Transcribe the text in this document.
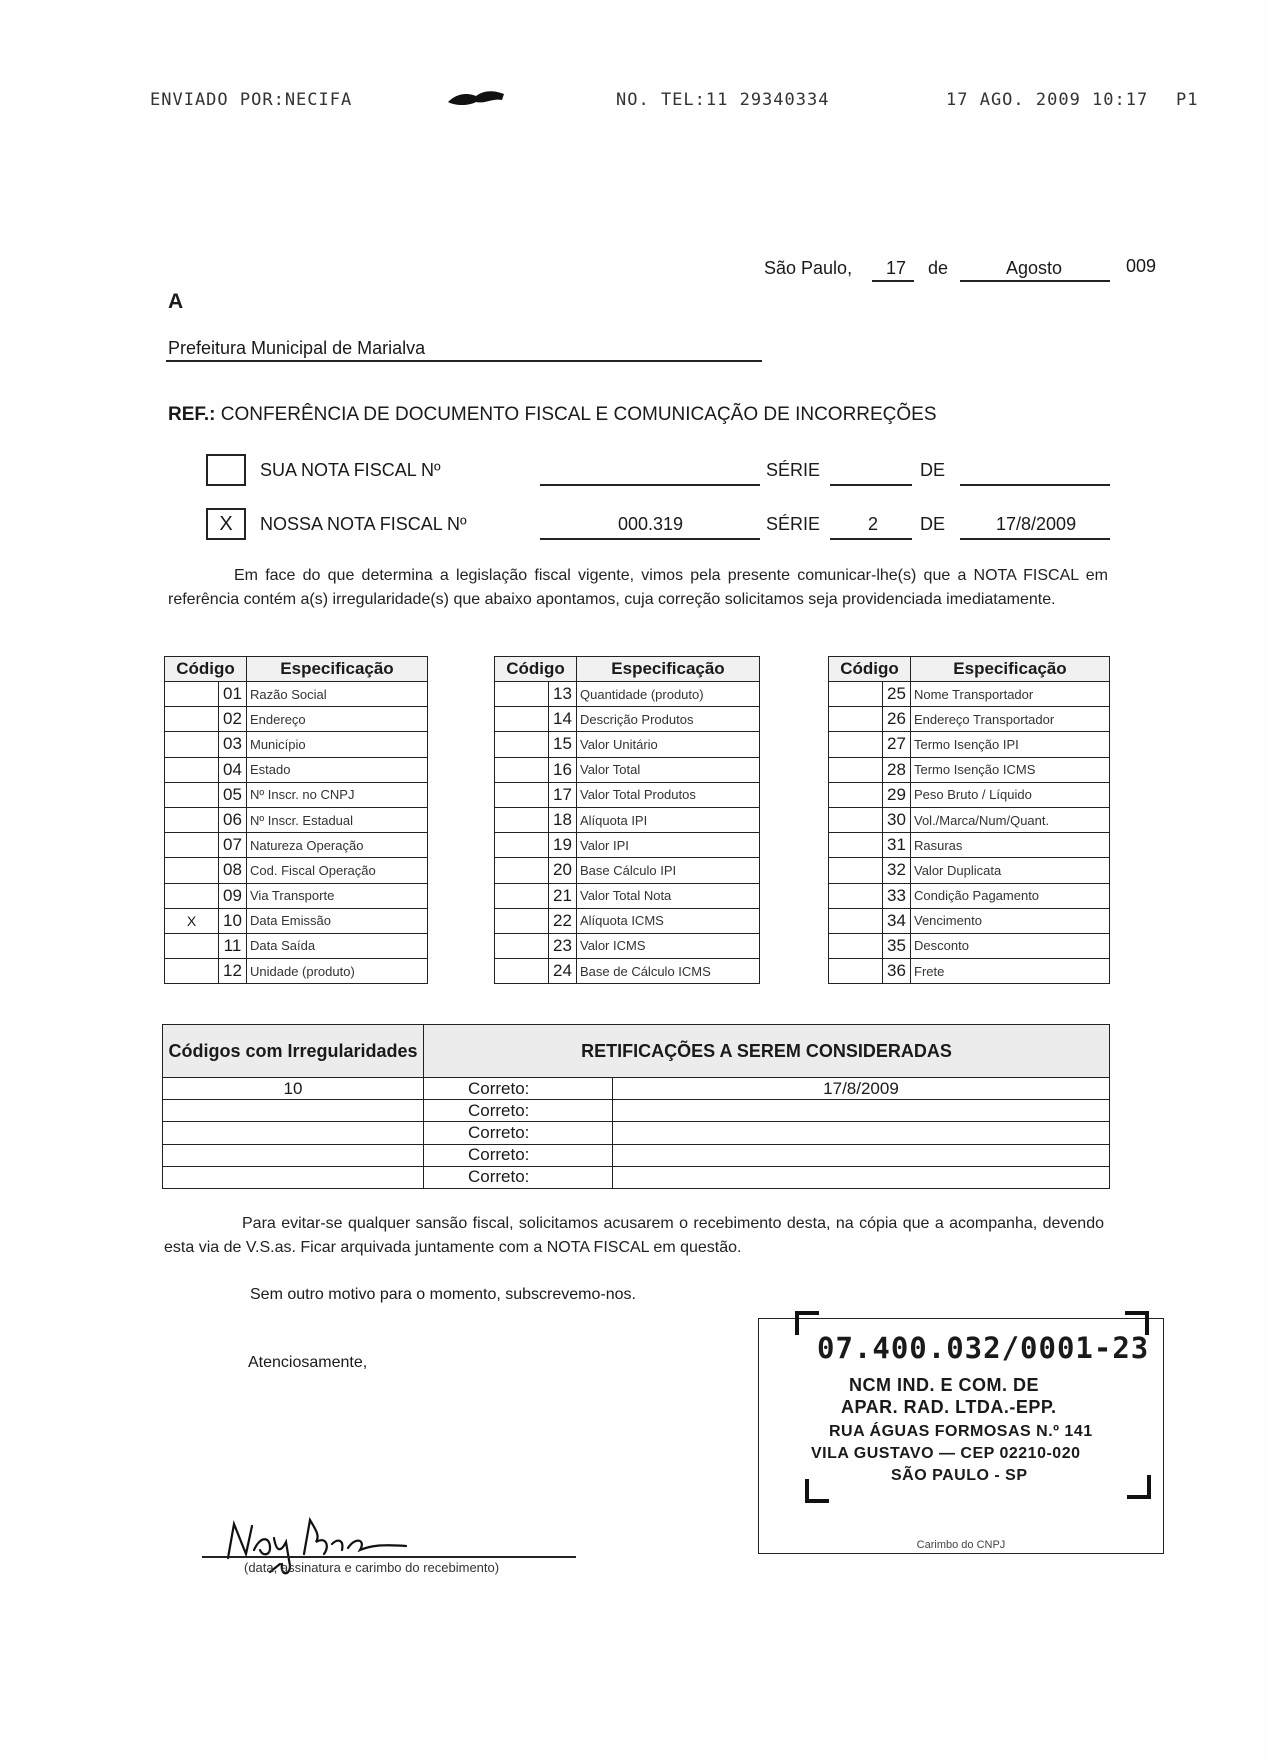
ENVIADO POR:NECIFA	NO. TEL:11 29340334	17 AGO. 2009 10:17 P1
São Paulo, 17 de	Agosto	009
A
Prefeitura Municipal de Marialva
REF.: CONFERÊNCIA DE DOCUMENTO FISCAL E COMUNICAÇÃO DE INCORREÇÕES
SUA NOTA FISCAL Nº	SÉRIE	DE
X	NOSSA NOTA FISCAL Nº	000.319	SÉRIE	2 DE	17/8/2009
Em face do que determina a legislação fiscal vigente, vimos pela presente comunicar-lhe(s) que a NOTA FISCAL em referência contém a(s) irregularidade(s) que abaixo apontamos, cuja correção solicitamos seja providenciada imediatamente.
Código		Especificação
	01	Razão Social
	02	Endereço
	03	Município
	04	Estado
	05	Nº Inscr. no CNPJ
	06	Nº Inscr. Estadual
	07	Natureza Operação
	08	Cod. Fiscal Operação
	09	Via Transporte
X	10	Data Emissão
	11	Data Saída
	12	Unidade (produto)
Código		Especificação
	13	Quantidade (produto)
	14	Descrição Produtos
	15	Valor Unitário
	16	Valor Total
	17	Valor Total Produtos
	18	Alíquota IPI
	19	Valor IPI
	20	Base Cálculo IPI
	21	Valor Total Nota
	22	Alíquota ICMS
	23	Valor ICMS
	24	Base de Cálculo ICMS
Código		Especificação
	25	Nome Transportador
	26	Endereço Transportador
	27	Termo Isenção IPI
	28	Termo Isenção ICMS
	29	Peso Bruto / Líquido
	30	Vol./Marca/Num/Quant.
	31	Rasuras
	32	Valor Duplicata
	33	Condição Pagamento
	34	Vencimento
	35	Desconto
	36	Frete
Códigos com Irregularidades	RETIFICAÇÕES A SEREM CONSIDERADAS	
10	Correto:	17/8/2009
	Correto:	
	Correto:	
	Correto:	
	Correto:	
Para evitar-se qualquer sansão fiscal, solicitamos acusarem o recebimento desta, na cópia que a acompanha, devendo esta via de V.S.as. Ficar arquivada juntamente com a NOTA FISCAL em questão.
Sem outro motivo para o momento, subscrevemo-nos.
Atenciosamente,	07.400.032/0001-23
NCM IND. E COM. DE
APAR. RAD. LTDA.-EPP.
RUA ÁGUAS FORMOSAS N.º 141
VILA GUSTAVO — CEP 02210-020
SÃO PAULO - SP
Carimbo do CNPJ
(data, assinatura e carimbo do recebimento)
